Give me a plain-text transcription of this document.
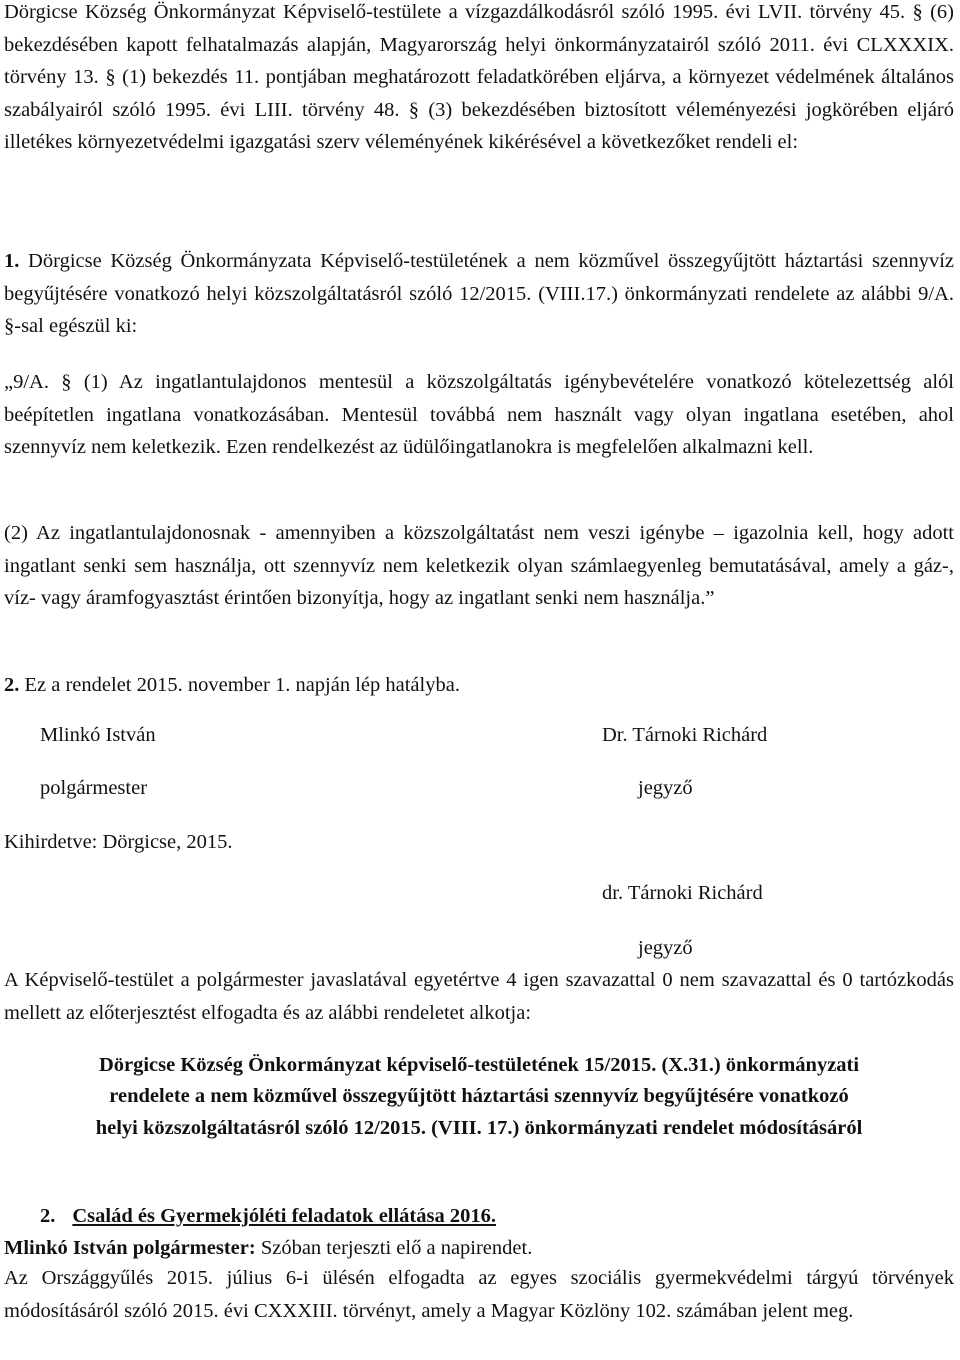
Dörgicse Község Önkormányzat Képviselő-testülete a vízgazdálkodásról szóló 1995. évi LVII. törvény 45. § (6) bekezdésében kapott felhatalmazás alapján, Magyarország helyi önkormányzatairól szóló 2011. évi CLXXXIX. törvény 13. § (1) bekezdés 11. pontjában meghatározott feladatkörében eljárva, a környezet védelmének általános szabályairól szóló 1995. évi LIII. törvény 48. § (3) bekezdésében biztosított véleményezési jogkörében eljáró illetékes környezetvédelmi igazgatási szerv véleményének kikérésével a következőket rendeli el:

1. Dörgicse Község Önkormányzata Képviselő-testületének a nem közművel összegyűjtött háztartási szennyvíz begyűjtésére vonatkozó helyi közszolgáltatásról szóló 12/2015. (VIII.17.) önkormányzati rendelete az alábbi 9/A. §-sal egészül ki:

„9/A. § (1) Az ingatlantulajdonos mentesül a közszolgáltatás igénybevételére vonatkozó kötelezettség alól beépítetlen ingatlana vonatkozásában. Mentesül továbbá nem használt vagy olyan ingatlana esetében, ahol szennyvíz nem keletkezik. Ezen rendelkezést az üdülőingatlanokra is megfelelően alkalmazni kell.

(2) Az ingatlantulajdonosnak - amennyiben a közszolgáltatást nem veszi igénybe – igazolnia kell, hogy adott ingatlant senki sem használja, ott szennyvíz nem keletkezik olyan számlaegyenleg bemutatásával, amely a gáz-, víz- vagy áramfogyasztást érintően bizonyítja, hogy az ingatlant senki nem használja.”

2. Ez a rendelet 2015. november 1. napján lép hatályba.

Mlinkó István	Dr. Tárnoki Richárd
polgármester	jegyző
Kihirdetve: Dörgicse, 2015.
dr. Tárnoki Richárd
jegyző

A Képviselő-testület a polgármester javaslatával egyetértve 4 igen szavazattal 0 nem szavazattal és 0 tartózkodás mellett az előterjesztést elfogadta és az alábbi rendeletet alkotja:

Dörgicse Község Önkormányzat képviselő-testületének 15/2015. (X.31.) önkormányzati
rendelete a nem közművel összegyűjtött háztartási szennyvíz begyűjtésére vonatkozó
helyi közszolgáltatásról szóló 12/2015. (VIII. 17.) önkormányzati rendelet módosításáról
2. Család és Gyermekjóléti feladatok ellátása 2016.
Mlinkó István polgármester: Szóban terjeszti elő a napirendet.

Az Országgyűlés 2015. július 6-i ülésén elfogadta az egyes szociális gyermekvédelmi tárgyú törvények módosításáról szóló 2015. évi CXXXIII. törvényt, amely a Magyar Közlöny 102. számában jelent meg.
